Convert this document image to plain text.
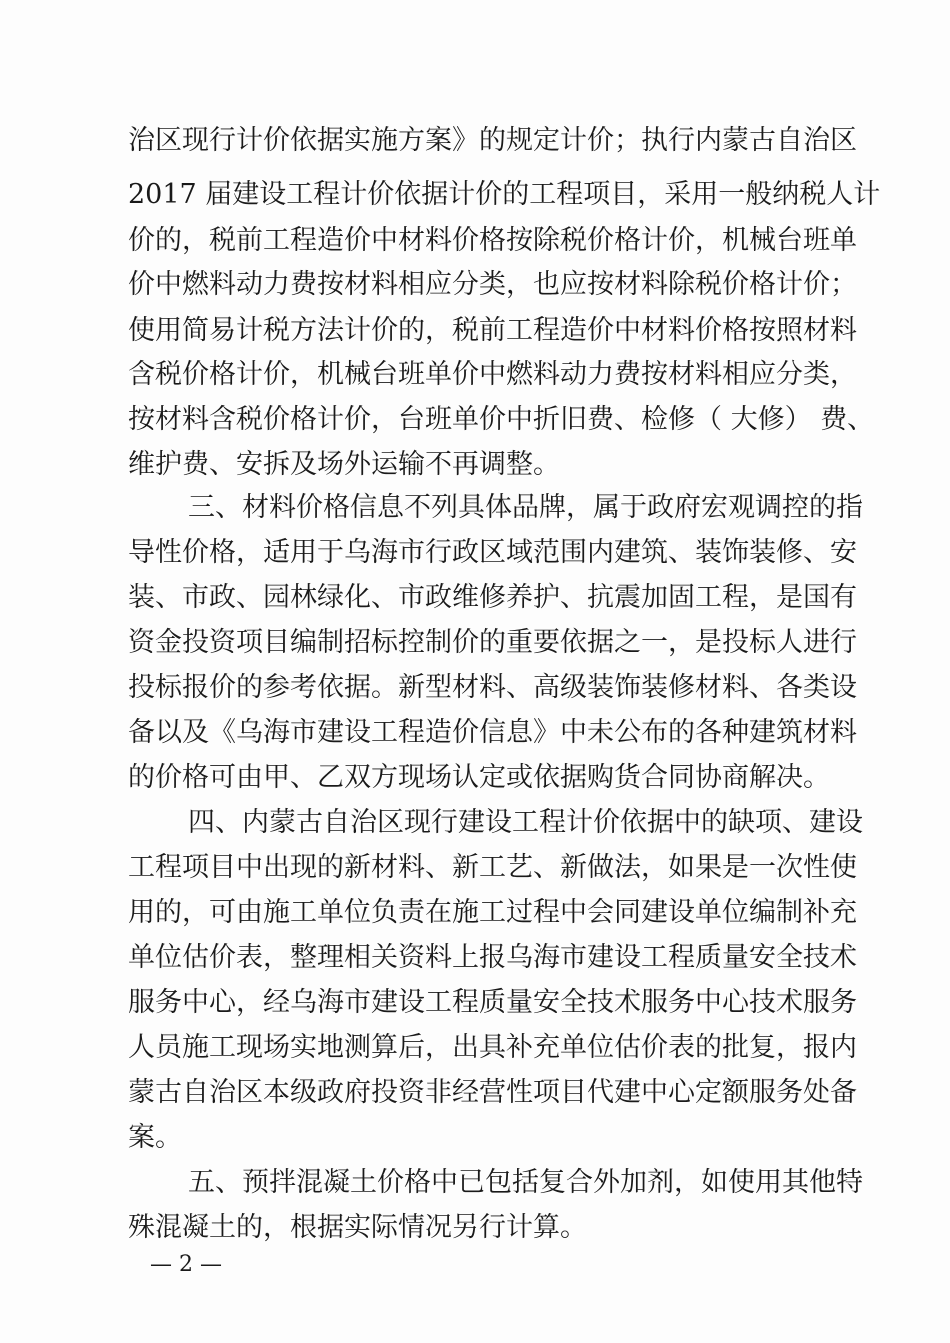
治区现行计价依据实施方案》的规定计价；执行内蒙古自治区
2017 届建设工程计价依据计价的工程项目，采用一般纳税人计
价的，税前工程造价中材料价格按除税价格计价，机械台班单
价中燃料动力费按材料相应分类，也应按材料除税价格计价；
使用简易计税方法计价的，税前工程造价中材料价格按照材料
含税价格计价，机械台班单价中燃料动力费按材料相应分类，
按材料含税价格计价，台班单价中折旧费、检修（ 大修） 费、
维护费、安拆及场外运输不再调整。
三、材料价格信息不列具体品牌，属于政府宏观调控的指
导性价格，适用于乌海市行政区域范围内建筑、装饰装修、安
装、市政、园林绿化、市政维修养护、抗震加固工程，是国有
资金投资项目编制招标控制价的重要依据之一，是投标人进行
投标报价的参考依据。新型材料、高级装饰装修材料、各类设
备以及《乌海市建设工程造价信息》中未公布的各种建筑材料
的价格可由甲、乙双方现场认定或依据购货合同协商解决。
四、内蒙古自治区现行建设工程计价依据中的缺项、建设
工程项目中出现的新材料、新工艺、新做法，如果是一次性使
用的，可由施工单位负责在施工过程中会同建设单位编制补充
单位估价表，整理相关资料上报乌海市建设工程质量安全技术
服务中心，经乌海市建设工程质量安全技术服务中心技术服务
人员施工现场实地测算后，出具补充单位估价表的批复，报内
蒙古自治区本级政府投资非经营性项目代建中心定额服务处备
案。
五、预拌混凝土价格中已包括复合外加剂，如使用其他特
殊混凝土的，根据实际情况另行计算。
— 2 —
